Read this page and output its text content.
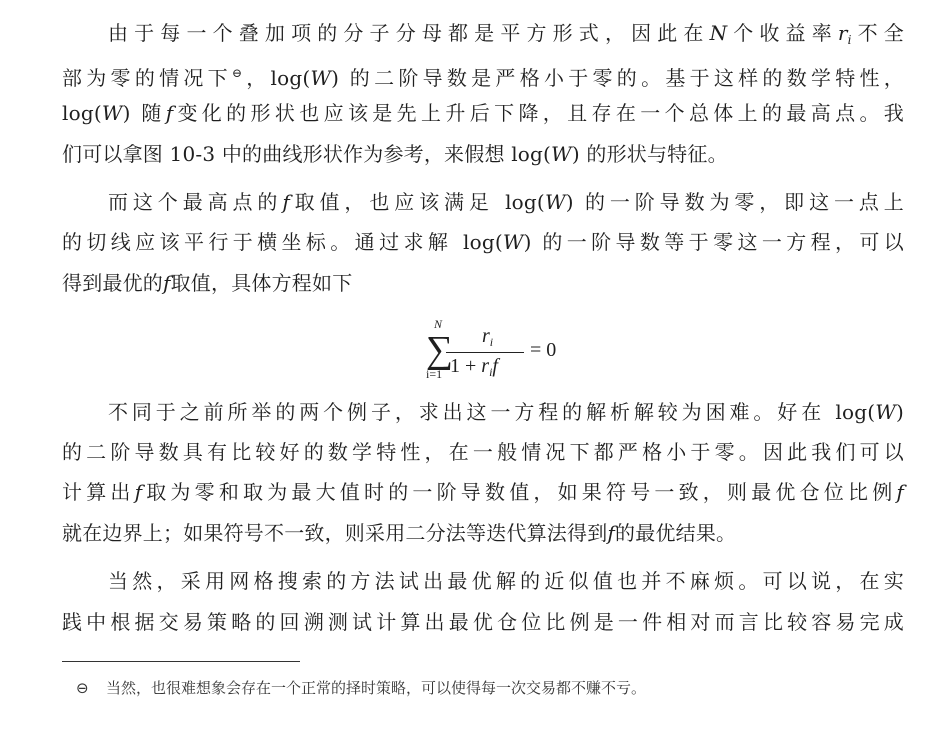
由于每一个叠加项的分子分母都是平方形式，因此在N个收益率$r_i$不全
部为零的情况下⊖，log(W) 的二阶导数是严格小于零的。基于这样的数学特性，
log(W) 随f变化的形状也应该是先上升后下降，且存在一个总体上的最高点。我
们可以拿图 10-3 中的曲线形状作为参考，来假想 log(W) 的形状与特征。
而这个最高点的f取值，也应该满足 log(W) 的一阶导数为零，即这一点上
的切线应该平行于横坐标。通过求解 log(W) 的一阶导数等于零这一方程，可以
得到最优的f取值，具体方程如下
N
∑
i=1
$r_i$
$1 + r_if$
= 0
不同于之前所举的两个例子，求出这一方程的解析解较为困难。好在 log(W)
的二阶导数具有比较好的数学特性，在一般情况下都严格小于零。因此我们可以
计算出f取为零和取为最大值时的一阶导数值，如果符号一致，则最优仓位比例f
就在边界上；如果符号不一致，则采用二分法等迭代算法得到f的最优结果。
当然，采用网格搜索的方法试出最优解的近似值也并不麻烦。可以说，在实
践中根据交易策略的回溯测试计算出最优仓位比例是一件相对而言比较容易完成
⊖ 当然，也很难想象会存在一个正常的择时策略，可以使得每一次交易都不赚不亏。
